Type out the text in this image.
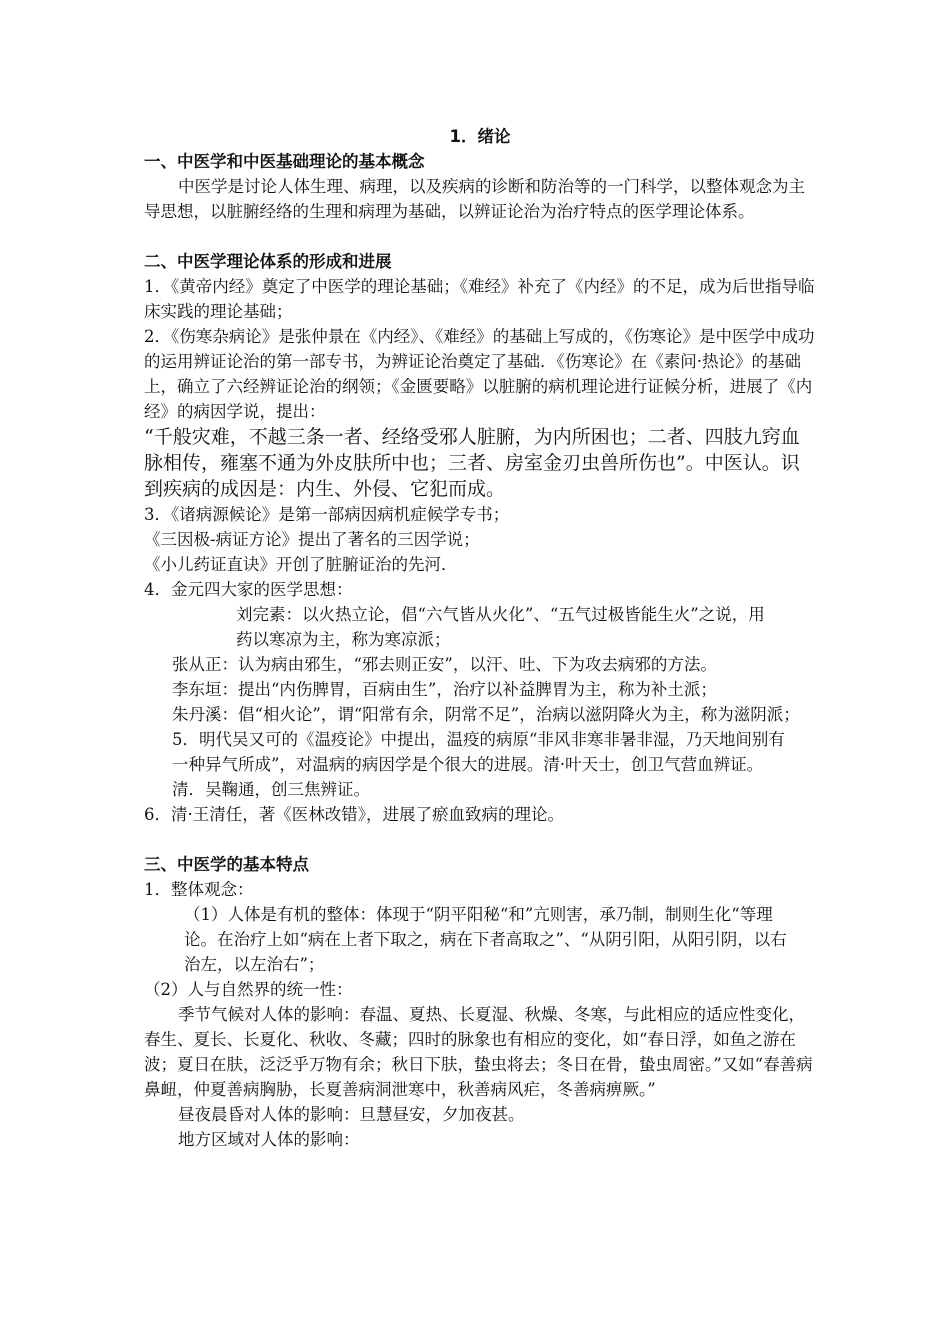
1．绪论

一、中医学和中医基础理论的基本概念

中医学是讨论人体生理、病理，以及疾病的诊断和防治等的一门科学，以整体观念为主导思想，以脏腑经络的生理和病理为基础，以辨证论治为治疗特点的医学理论体系。

二、中医学理论体系的形成和进展

1．《黄帝内经》奠定了中医学的理论基础；《难经》补充了《内经》的不足，成为后世指导临床实践的理论基础；

2．《伤寒杂病论》是张仲景在《内经》、《难经》的基础上写成的，《伤寒论》是中医学中成功的运用辨证论治的第一部专书，为辨证论治奠定了基础．《伤寒论》在《素问·热论》的基础上，确立了六经辨证论治的纲领；《金匮要略》以脏腑的病机理论进行证候分析，进展了《内经》的病因学说，提出：

“千般灾难，不越三条一者、经络受邪人脏腑，为内所困也；二者、四肢九窍血脉相传，雍塞不通为外皮肤所中也；三者、房室金刃虫兽所伤也”。中医认。识到疾病的成因是：内生、外侵、它犯而成。

3．《诸病源候论》是第一部病因病机症候学专书；

《三因极-病证方论》提出了著名的三因学说；

《小儿药证直诀》开创了脏腑证治的先河．

4．金元四大家的医学思想：

刘完素：以火热立论，倡“六气皆从火化”、“五气过极皆能生火”之说，用药以寒凉为主，称为寒凉派；

张从正：认为病由邪生，“邪去则正安”，以汗、吐、下为攻去病邪的方法。

李东垣：提出“内伤脾胃，百病由生”，治疗以补益脾胃为主，称为补土派；

朱丹溪：倡“相火论”，谓“阳常有余，阴常不足”，治病以滋阴降火为主，称为滋阴派；

5．明代吴又可的《温疫论》中提出，温疫的病原“非风非寒非暑非湿，乃天地间别有一种异气所成”，对温病的病因学是个很大的进展。清·叶天士，创卫气营血辨证。清．吴鞠通，创三焦辨证。

6．清·王清任，著《医林改错》，进展了瘀血致病的理论。

三、中医学的基本特点

1．整体观念：

（1）人体是有机的整体：体现于“阴平阳秘“和”亢则害，承乃制，制则生化“等理论。在治疗上如“病在上者下取之，病在下者高取之”、“从阴引阳，从阳引阴，以右治左，以左治右”；

（2）人与自然界的统一性：

季节气候对人体的影响：春温、夏热、长夏湿、秋燥、冬寒，与此相应的适应性变化，春生、夏长、长夏化、秋收、冬藏；四时的脉象也有相应的变化，如“春日浮，如鱼之游在波；夏日在肤，泛泛乎万物有余；秋日下肤，蛰虫将去；冬日在骨，蛰虫周密。”又如“春善病鼻衄，仲夏善病胸胁，长夏善病洞泄寒中，秋善病风疟，冬善病痹厥。”

昼夜晨昏对人体的影响：旦慧昼安，夕加夜甚。

地方区域对人体的影响：
